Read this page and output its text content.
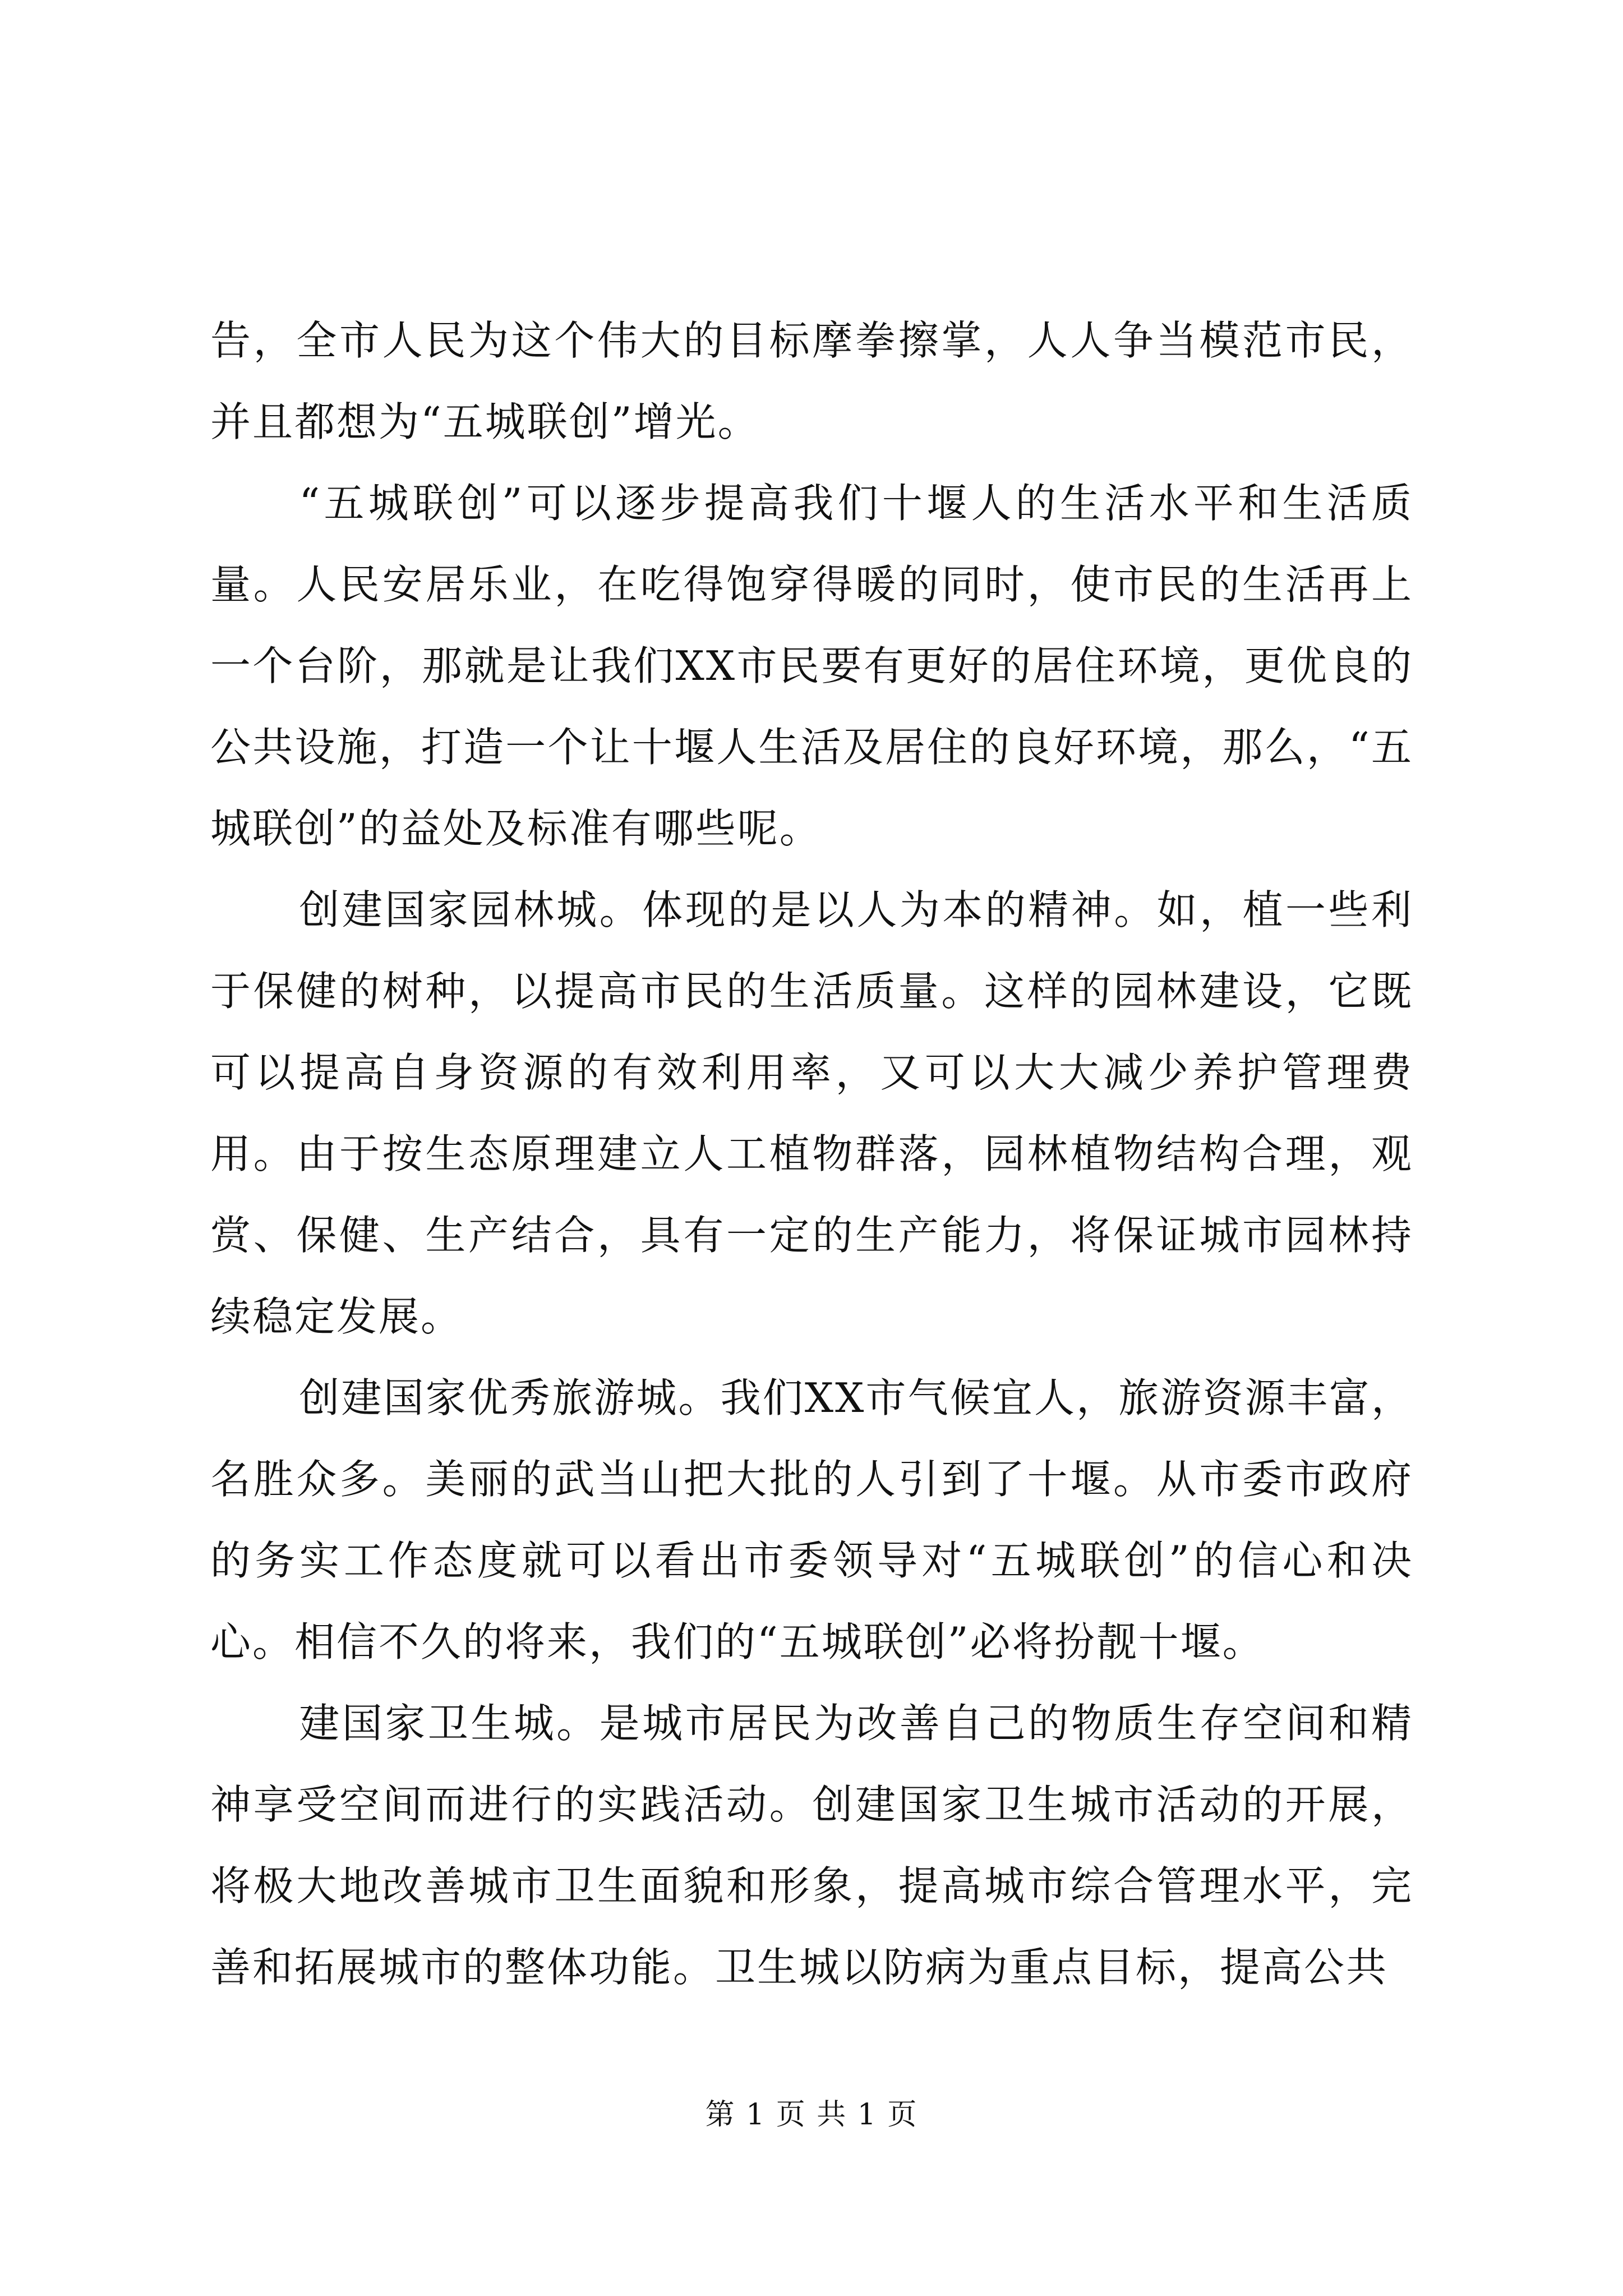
告，全市人民为这个伟大的目标摩拳擦掌，人人争当模范市民，并且都想为“五城联创”增光。

“五城联创”可以逐步提高我们十堰人的生活水平和生活质量。人民安居乐业，在吃得饱穿得暖的同时，使市民的生活再上一个台阶，那就是让我们XX市民要有更好的居住环境，更优良的公共设施，打造一个让十堰人生活及居住的良好环境，那么，“五城联创”的益处及标准有哪些呢。

创建国家园林城。体现的是以人为本的精神。如，植一些利于保健的树种，以提高市民的生活质量。这样的园林建设，它既可以提高自身资源的有效利用率，又可以大大减少养护管理费用。由于按生态原理建立人工植物群落，园林植物结构合理，观赏、保健、生产结合，具有一定的生产能力，将保证城市园林持续稳定发展。

创建国家优秀旅游城。我们XX市气候宜人，旅游资源丰富，名胜众多。美丽的武当山把大批的人引到了十堰。从市委市政府的务实工作态度就可以看出市委领导对“五城联创”的信心和决心。相信不久的将来，我们的“五城联创”必将扮靓十堰。

建国家卫生城。是城市居民为改善自己的物质生存空间和精神享受空间而进行的实践活动。创建国家卫生城市活动的开展，将极大地改善城市卫生面貌和形象，提高城市综合管理水平，完善和拓展城市的整体功能。卫生城以防病为重点目标，提高公共

第 1 页 共 1 页
